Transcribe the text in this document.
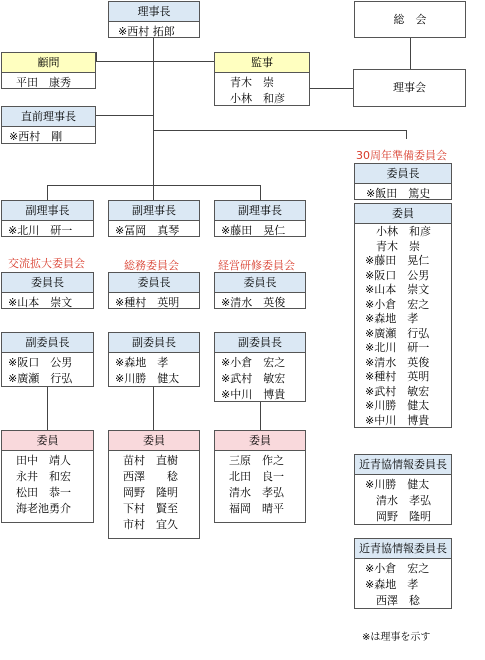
総　会
理事会
理事長
※西村 拓郎
顧問
平田　康秀
監事
青木　崇
小林　和彦
直前理事長
※西村　剛
副理事長
※北川　研一
副理事長
※冨岡　真琴
副理事長
※藤田　晃仁
交流拡大委員会	総務委員会	経営研修委員会
委員長
※山本　崇文
委員長
※種村　英明
委員長
※清水　英俊
副委員長
※阪口　公男
※廣瀬　行弘
副委員長
※森地　孝
※川勝　健太
副委員長
※小倉　宏之
※武村　敏宏
※中川　博貴
委員
田中　靖人
永井　和宏
松田　恭一
海老池勇介
委員
苗村　直樹
西澤　　稔
岡野　隆明
下村　賢至
市村　宜久
委員
三原　作之
北田　良一
清水　孝弘
福岡　晴平
30周年準備委員会
委員長
※飯田　篤史
委員
小林　和彦
青木　崇
※藤田　晃仁
※阪口　公男
※山本　崇文
※小倉　宏之
※森地　孝
※廣瀬　行弘
※北川　研一
※清水　英俊
※種村　英明
※武村　敏宏
※川勝　健太
※中川　博貴
近青協情報委員長
※川勝　健太
清水　孝弘
岡野　隆明
近青協情報委員長
※小倉　宏之
※森地　孝
西澤　稔
※は理事を示す
